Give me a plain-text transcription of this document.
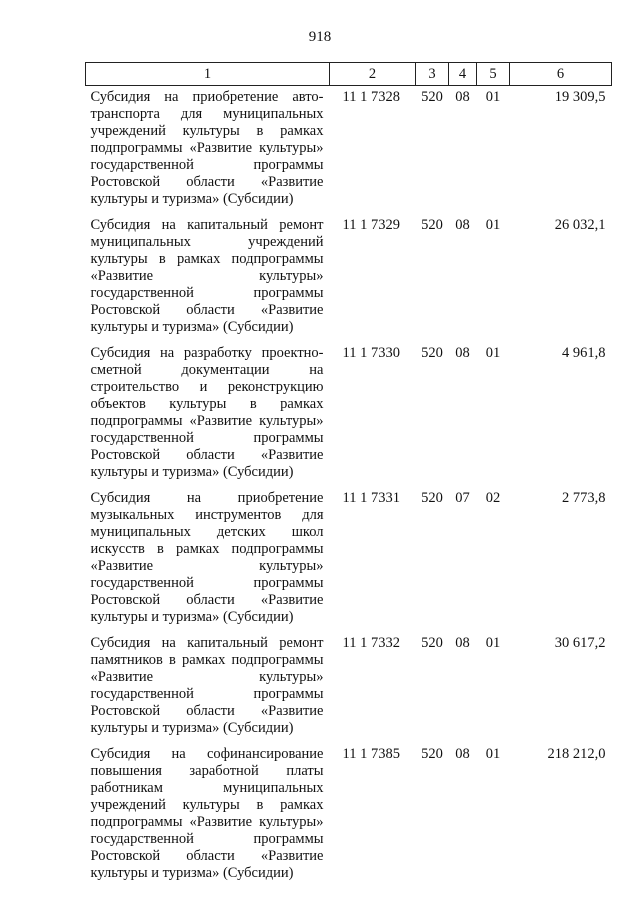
918
1	2	3	4	5	6
Субсидия на приобретение авто-транспорта для муниципальных учреждений культуры в рамках подпрограммы «Развитие культуры» государственной программы Ростовской области «Развитие культуры и туризма» (Субсидии)	11 1 7328	520	08	01	19 309,5
Субсидия на капитальный ремонт муниципальных учреждений культуры в рамках подпрограммы «Развитие культуры» государственной программы Ростовской области «Развитие культуры и туризма» (Субсидии)	11 1 7329	520	08	01	26 032,1
Субсидия на разработку проектно-сметной документации на строительство и реконструкцию объектов культуры в рамках подпрограммы «Развитие культуры» государственной программы Ростовской области «Развитие культуры и туризма» (Субсидии)	11 1 7330	520	08	01	4 961,8
Субсидия на приобретение музыкальных инструментов для муниципальных детских школ искусств в рамках подпрограммы «Развитие культуры» государственной программы Ростовской области «Развитие культуры и туризма» (Субсидии)	11 1 7331	520	07	02	2 773,8
Субсидия на капитальный ремонт памятников в рамках подпрограммы «Развитие культуры» государственной программы Ростовской области «Развитие культуры и туризма» (Субсидии)	11 1 7332	520	08	01	30 617,2
Субсидия на софинансирование повышения заработной платы работникам муниципальных учреждений культуры в рамках подпрограммы «Развитие культуры» государственной программы Ростовской области «Развитие культуры и туризма» (Субсидии)	11 1 7385	520	08	01	218 212,0
